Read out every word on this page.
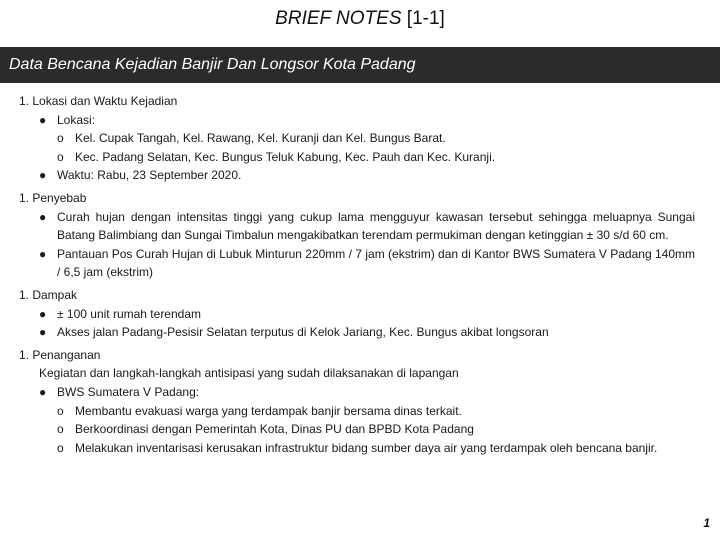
BRIEF NOTES [1-1]
Data Bencana Kejadian Banjir Dan Longsor Kota Padang
1. Lokasi dan Waktu Kejadian
● Lokasi:
o Kel. Cupak Tangah, Kel. Rawang, Kel. Kuranji dan Kel. Bungus Barat.
o Kec. Padang Selatan, Kec. Bungus Teluk Kabung, Kec. Pauh dan Kec. Kuranji.
● Waktu: Rabu, 23 September 2020.
1. Penyebab
● Curah hujan dengan intensitas tinggi yang cukup lama mengguyur kawasan tersebut sehingga meluapnya Sungai Batang Balimbiang dan Sungai Timbalun mengakibatkan terendam permukiman dengan ketinggian ± 30 s/d 60 cm.
● Pantauan Pos Curah Hujan di Lubuk Minturun 220mm / 7 jam (ekstrim) dan di Kantor BWS Sumatera V Padang 140mm / 6,5 jam (ekstrim)
1. Dampak
● ± 100 unit rumah terendam
● Akses jalan Padang-Pesisir Selatan terputus di Kelok Jariang, Kec. Bungus akibat longsoran
1. Penanganan
Kegiatan dan langkah-langkah antisipasi yang sudah dilaksanakan di lapangan
● BWS Sumatera V Padang:
o Membantu evakuasi warga yang terdampak banjir bersama dinas terkait.
o Berkoordinasi dengan Pemerintah Kota, Dinas PU dan BPBD Kota Padang
o Melakukan inventarisasi kerusakan infrastruktur bidang sumber daya air yang terdampak oleh bencana banjir.
1
